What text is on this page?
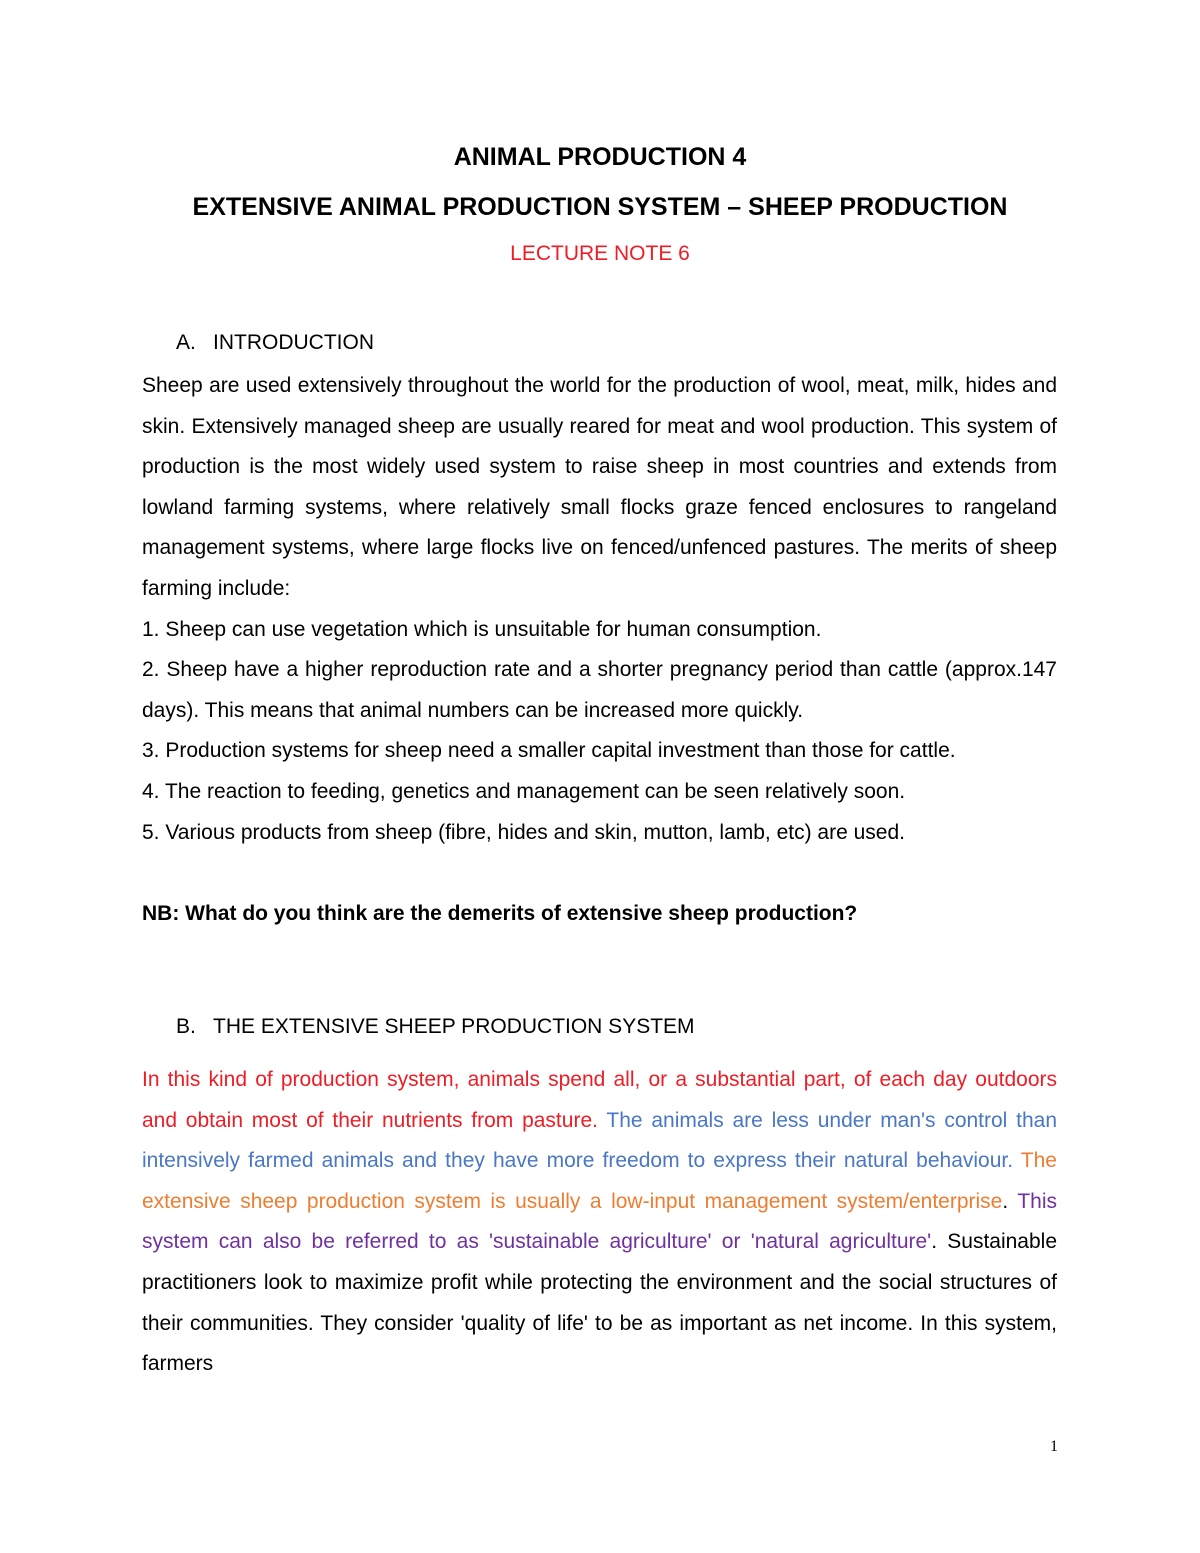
ANIMAL PRODUCTION 4
EXTENSIVE ANIMAL PRODUCTION SYSTEM – SHEEP PRODUCTION

LECTURE NOTE 6

A. INTRODUCTION

Sheep are used extensively throughout the world for the production of wool, meat, milk, hides and skin. Extensively managed sheep are usually reared for meat and wool production. This system of production is the most widely used system to raise sheep in most countries and extends from lowland farming systems, where relatively small flocks graze fenced enclosures to rangeland management systems, where large flocks live on fenced/unfenced pastures. The merits of sheep farming include:
1. Sheep can use vegetation which is unsuitable for human consumption.
2. Sheep have a higher reproduction rate and a shorter pregnancy period than cattle (approx.147 days). This means that animal numbers can be increased more quickly.
3. Production systems for sheep need a smaller capital investment than those for cattle.
4. The reaction to feeding, genetics and management can be seen relatively soon.
5. Various products from sheep (fibre, hides and skin, mutton, lamb, etc) are used.

NB: What do you think are the demerits of extensive sheep production?

B. THE EXTENSIVE SHEEP PRODUCTION SYSTEM

In this kind of production system, animals spend all, or a substantial part, of each day outdoors and obtain most of their nutrients from pasture. The animals are less under man's control than intensively farmed animals and they have more freedom to express their natural behaviour. The extensive sheep production system is usually a low-input management system/enterprise. This system can also be referred to as 'sustainable agriculture' or 'natural agriculture'. Sustainable practitioners look to maximize profit while protecting the environment and the social structures of their communities. They consider 'quality of life' to be as important as net income. In this system, farmers

1
